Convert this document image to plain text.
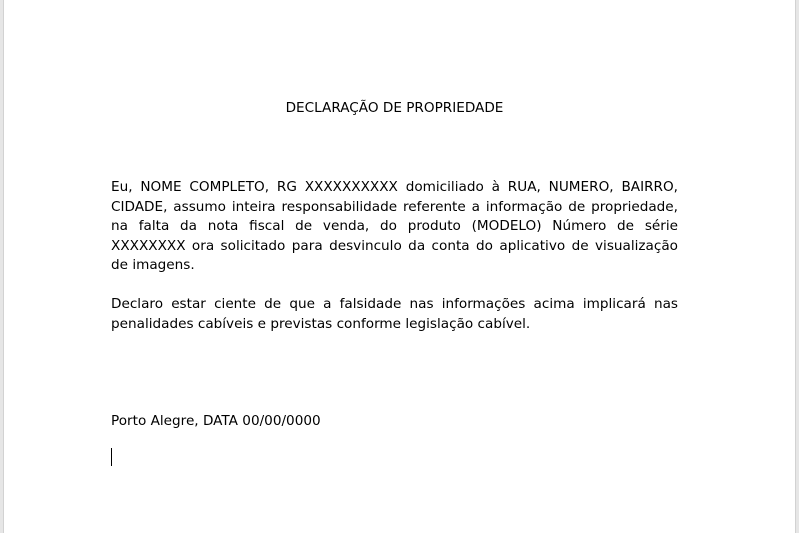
DECLARAÇÃO DE PROPRIEDADE

Eu, NOME COMPLETO, RG XXXXXXXXXX domiciliado à RUA, NUMERO, BAIRRO, CIDADE, assumo inteira responsabilidade referente a informação de propriedade, na falta da nota fiscal de venda, do produto (MODELO) Número de série XXXXXXXX ora solicitado para desvinculo da conta do aplicativo de visualização de imagens.

Declaro estar ciente de que a falsidade nas informações acima implicará nas penalidades cabíveis e previstas conforme legislação cabível.

Porto Alegre, DATA 00/00/0000
